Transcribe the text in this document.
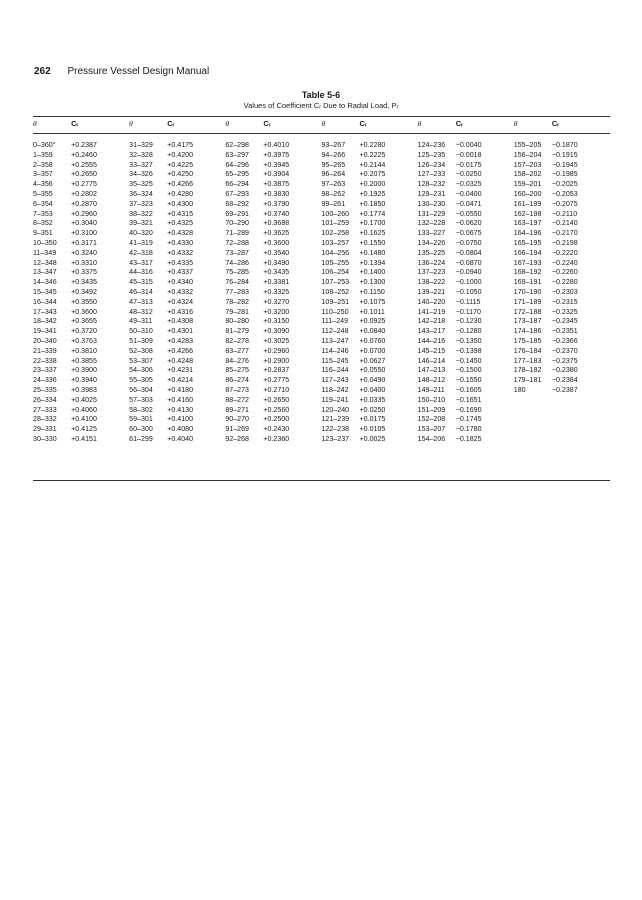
262 Pressure Vessel Design Manual
Table 5-6
Values of Coefficient Cᵣ Due to Radial Load, Pᵣ
θ	Cᵣ	θ	Cᵣ	θ	Cᵣ	θ	Cᵣ	θ	Cᵣ	θ	Cᵣ
0–360°	+0.2387	31–329	+0.4175	62–298	+0.4010	93–267	+0.2280	124–236	−0.0040	155–205	−0.1870
1–359	+0.2460	32–328	+0.4200	63–297	+0.3975	94–266	+0.2225	125–235	−0.0018	156–204	−0.1915
2–358	+0.2555	33–327	+0.4225	64–296	+0.3945	95–265	+0.2144	126–234	−0.0175	157–203	−0.1945
3–357	+0.2650	34–326	+0.4250	65–295	+0.3904	96–264	+0.2075	127–233	−0.0250	158–202	−0.1985
4–356	+0.2775	35–325	+0.4266	66–294	+0.3875	97–263	+0.2000	128–232	−0.0325	159–201	−0.2025
5–355	+0.2802	36–324	+0.4280	67–293	+0.3830	98–262	+0.1925	129–231	−0.0400	160–200	−0.2053
6–354	+0.2870	37–323	+0.4300	68–292	+0.3790	99–261	+0.1850	130–230	−0.0471	161–199	−0.2075
7–353	+0.2960	38–322	+0.4315	69–291	+0.3740	100–260	+0.1774	131–229	−0.0550	162–198	−0.2110
8–352	+0.3040	39–321	+0.4325	70–290	+0.3688	101–259	+0.1700	132–228	−0.0620	163–197	−0.2140
9–351	+0.3100	40–320	+0.4328	71–289	+0.3625	102–258	+0.1625	133–227	−0.0675	164–196	−0.2170
10–350	+0.3171	41–319	+0.4330	72–288	+0.3600	103–257	+0.1550	134–226	−0.0750	165–195	−0.2198
11–349	+0.3240	42–318	+0.4332	73–287	+0.3540	104–256	+0.1480	135–225	−0.0804	166–194	−0.2220
12–348	+0.3310	43–317	+0.4335	74–286	+0.3490	105–255	+0.1394	136–224	−0.0870	167–193	−0.2240
13–347	+0.3375	44–316	+0.4337	75–285	+0.3435	106–254	+0.1400	137–223	−0.0940	168–192	−0.2260
14–346	+0.3435	45–315	+0.4340	76–284	+0.3381	107–253	+0.1300	138–222	−0.1000	169–191	−0.2280
15–345	+0.3492	46–314	+0.4332	77–283	+0.3325	108–252	+0.1150	139–221	−0.1050	170–190	−0.2303
16–344	+0.3550	47–313	+0.4324	78–282	+0.3270	109–251	+0.1075	140–220	−0.1115	171–189	−0.2315
17–343	+0.3600	48–312	+0.4316	79–281	+0.3200	110–250	+0.1011	141–219	−0.1170	172–188	−0.2325
18–342	+0.3655	49–311	+0.4308	80–280	+0.3150	111–249	+0.0925	142–218	−0.1230	173–187	−0.2345
19–341	+0.3720	50–310	+0.4301	81–279	+0.3090	112–248	+0.0840	143–217	−0.1280	174–186	−0.2351
20–340	+0.3763	51–309	+0.4283	82–278	+0.3025	113–247	+0.0760	144–216	−0.1350	175–185	−0.2366
21–339	+0.3810	52–308	+0.4266	83–277	+0.2960	114–246	+0.0700	145–215	−0.1398	176–184	−0.2370
22–338	+0.3855	53–307	+0.4248	84–276	+0.2900	115–245	+0.0627	146–214	−0.1450	177–183	−0.2375
23–337	+0.3900	54–306	+0.4231	85–275	+0.2837	116–244	+0.0550	147–213	−0.1500	178–182	−0.2380
24–336	+0.3940	55–305	+0.4214	86–274	+0.2775	117–243	+0.0490	148–212	−0.1550	179–181	−0.2384
25–335	+0.3983	56–304	+0.4180	87–273	+0.2710	118–242	+0.0400	149–211	−0.1605	180	−0.2387
26–334	+0.4025	57–303	+0.4160	88–272	+0.2650	119–241	+0.0335	150–210	−0.1651		
27–333	+0.4060	58–302	+0.4130	89–271	+0.2560	120–240	+0.0250	151–209	−0.1690		
28–332	+0.4100	59–301	+0.4100	90–270	+0.2500	121–239	+0.0175	152–208	−0.1745		
29–331	+0.4125	60–300	+0.4080	91–269	+0.2430	122–238	+0.0105	153–207	−0.1780		
30–330	+0.4151	61–299	+0.4040	92–268	+0.2360	123–237	+0.0025	154–206	−0.1825		
